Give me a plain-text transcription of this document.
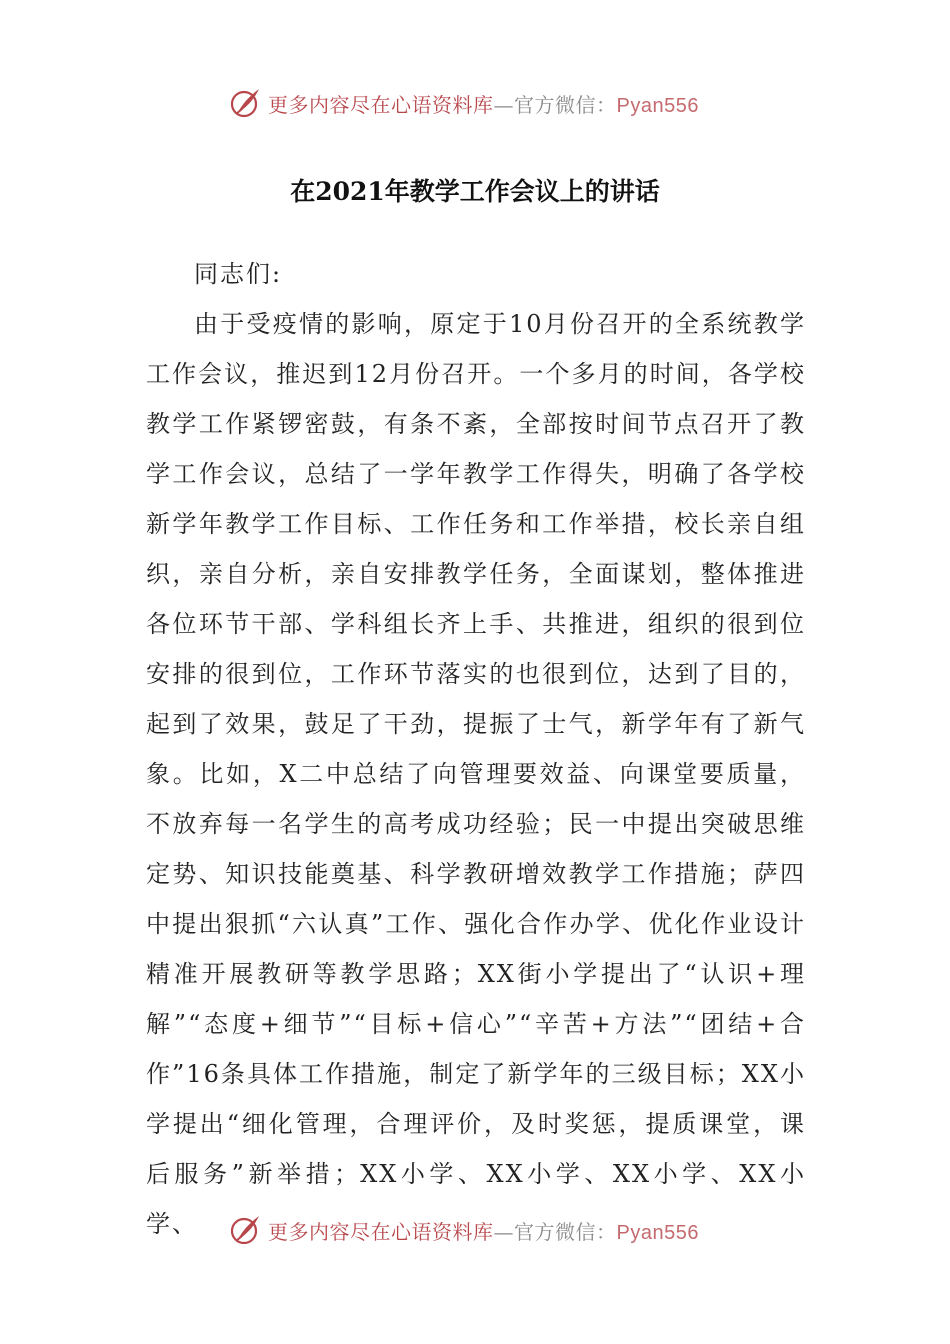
更多内容尽在心语资料库—官方微信：Pyan556
在2021年教学工作会议上的讲话

同志们:

由于受疫情的影响，原定于10月份召开的全系统教学工作会议，推迟到12月份召开。一个多月的时间，各学校教学工作紧锣密鼓，有条不紊，全部按时间节点召开了教学工作会议，总结了一学年教学工作得失，明确了各学校新学年教学工作目标、工作任务和工作举措，校长亲自组织，亲自分析，亲自安排教学任务，全面谋划，整体推进各位环节干部、学科组长齐上手、共推进，组织的很到位安排的很到位，工作环节落实的也很到位，达到了目的，起到了效果，鼓足了干劲，提振了士气，新学年有了新气象。比如，X二中总结了向管理要效益、向课堂要质量，不放弃每一名学生的高考成功经验；民一中提出突破思维定势、知识技能奠基、科学教研增效教学工作措施；萨四中提出狠抓“六认真”工作、强化合作办学、优化作业设计精准开展教研等教学思路；XX街小学提出了“认识+理解”“态度+细节”“目标+信心”“辛苦+方法”“团结+合作”16条具体工作措施，制定了新学年的三级目标；XX小学提出“细化管理，合理评价，及时奖惩，提质课堂，课后服务”新举措；XX小学、XX小学、XX小学、XX小学、	更多内容尽在心语资料库—官方微信：Pyan556
